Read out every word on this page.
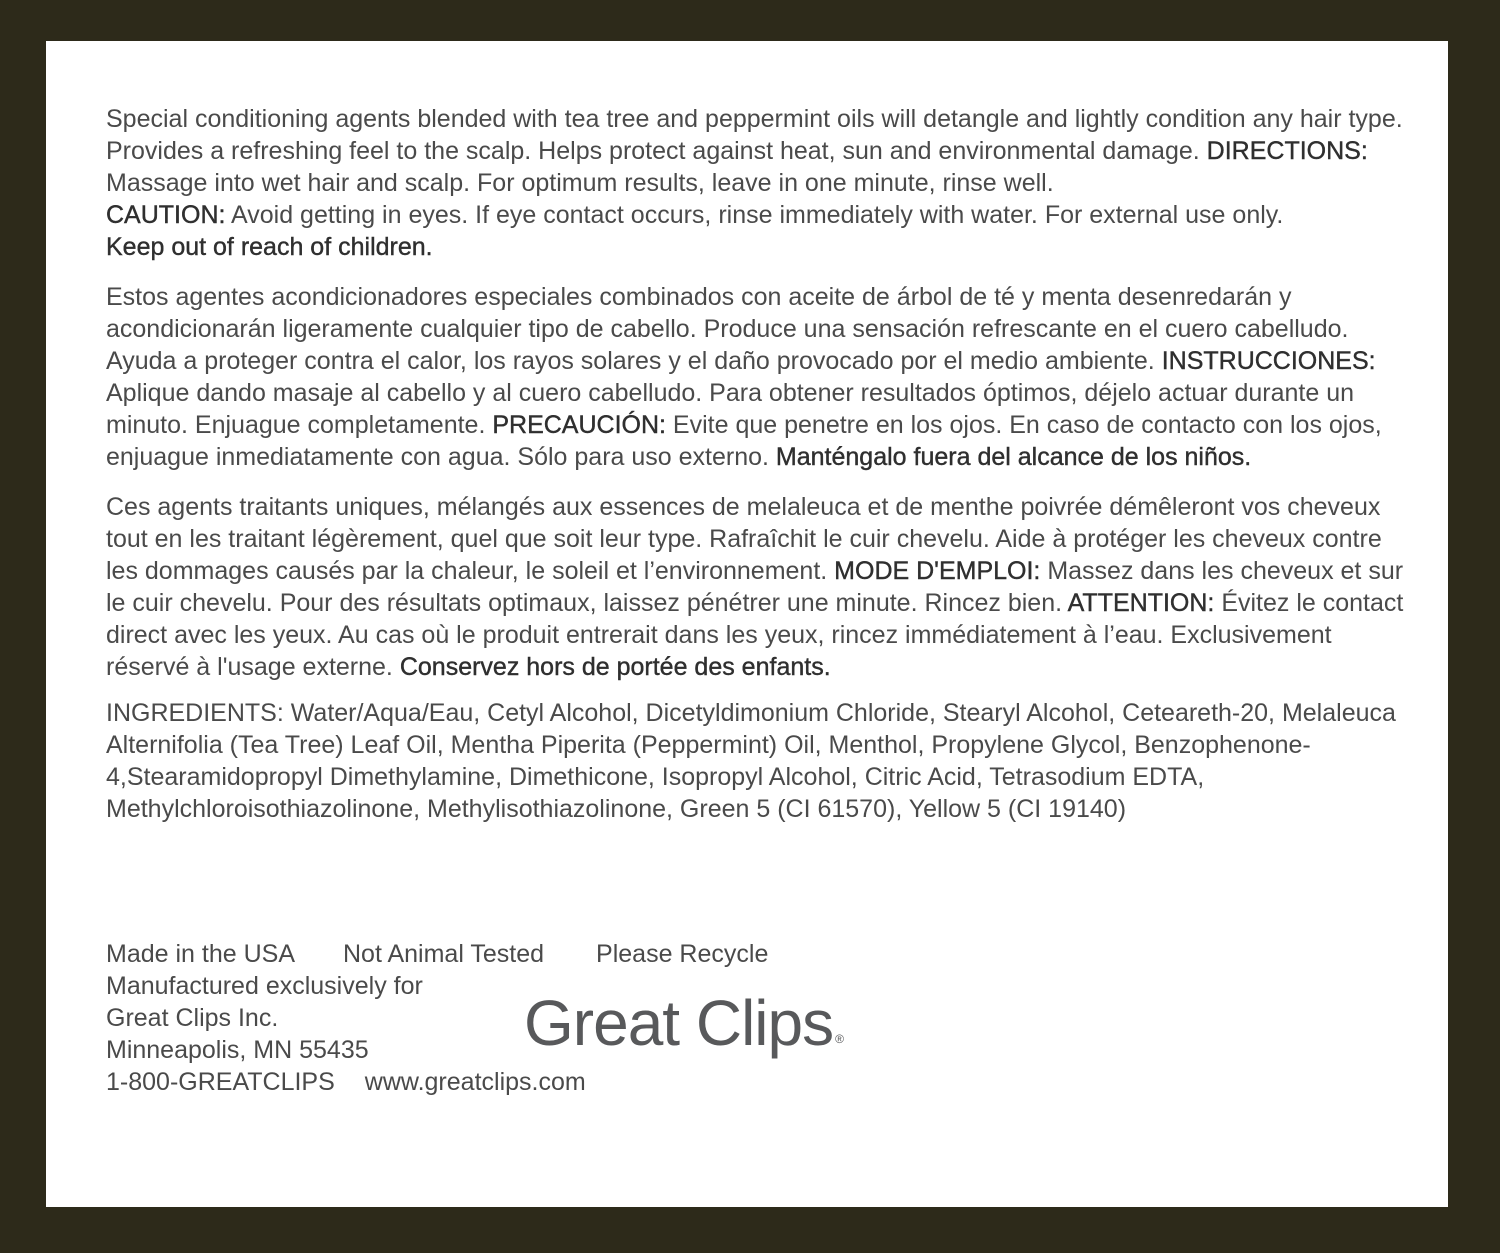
Special conditioning agents blended with tea tree and peppermint oils will detangle and lightly condition any hair type. Provides a refreshing feel to the scalp. Helps protect against heat, sun and environmental damage. DIRECTIONS: Massage into wet hair and scalp. For optimum results, leave in one minute, rinse well.
CAUTION: Avoid getting in eyes. If eye contact occurs, rinse immediately with water. For external use only.
Keep out of reach of children.

Estos agentes acondicionadores especiales combinados con aceite de árbol de té y menta desenredarán y acondicionarán ligeramente cualquier tipo de cabello. Produce una sensación refrescante en el cuero cabelludo. Ayuda a proteger contra el calor, los rayos solares y el daño provocado por el medio ambiente. INSTRUCCIONES: Aplique dando masaje al cabello y al cuero cabelludo. Para obtener resultados óptimos, déjelo actuar durante un minuto. Enjuague completamente. PRECAUCIÓN: Evite que penetre en los ojos. En caso de contacto con los ojos, enjuague inmediatamente con agua. Sólo para uso externo. Manténgalo fuera del alcance de los niños.

Ces agents traitants uniques, mélangés aux essences de melaleuca et de menthe poivrée démêleront vos cheveux tout en les traitant légèrement, quel que soit leur type. Rafraîchit le cuir chevelu. Aide à protéger les cheveux contre les dommages causés par la chaleur, le soleil et l’environnement. MODE D'EMPLOI: Massez dans les cheveux et sur le cuir chevelu. Pour des résultats optimaux, laissez pénétrer une minute. Rincez bien. ATTENTION: Évitez le contact direct avec les yeux. Au cas où le produit entrerait dans les yeux, rincez immédiatement à l’eau. Exclusivement réservé à l'usage externe. Conservez hors de portée des enfants.

INGREDIENTS: Water/Aqua/Eau, Cetyl Alcohol, Dicetyldimonium Chloride, Stearyl Alcohol, Ceteareth-20, Melaleuca Alternifolia (Tea Tree) Leaf Oil, Mentha Piperita (Peppermint) Oil, Menthol, Propylene Glycol, Benzophenone-4,Stearamidopropyl Dimethylamine, Dimethicone, Isopropyl Alcohol, Citric Acid, Tetrasodium EDTA, Methylchloroisothiazolinone, Methylisothiazolinone, Green 5 (CI 61570), Yellow 5 (CI 19140)

Made in the USA Not Animal Tested Please Recycle
Manufactured exclusively for
Great Clips Inc.
Minneapolis, MN 55435
1-800-GREATCLIPS www.greatclips.com
Great Clips ®
